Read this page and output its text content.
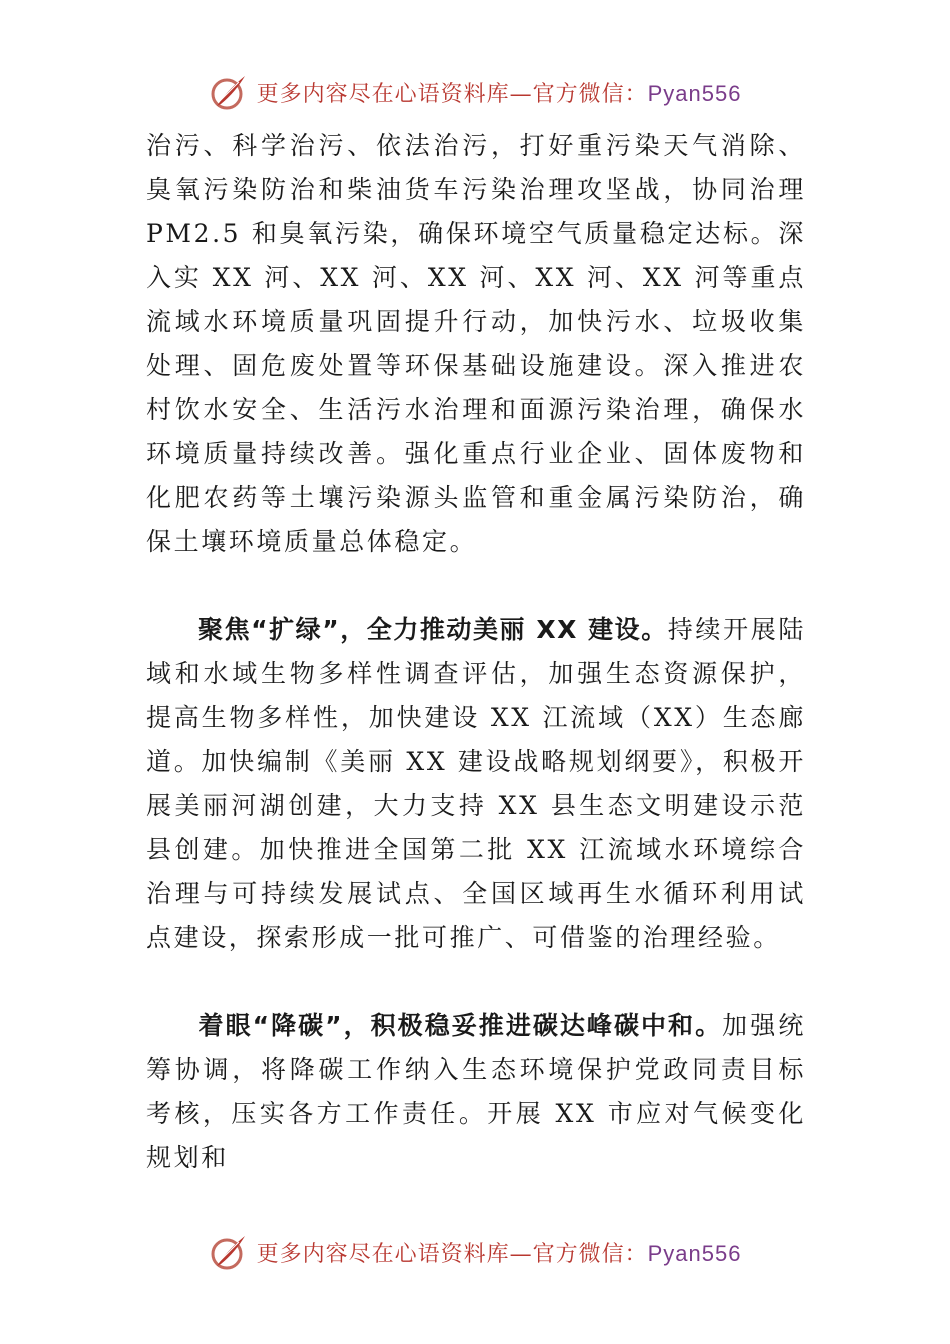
更多内容尽在心语资料库—官方微信：Pyan556

治污、科学治污、依法治污，打好重污染天气消除、臭氧污染防治和柴油货车污染治理攻坚战，协同治理 PM2.5 和臭氧污染，确保环境空气质量稳定达标。深入实 XX 河、XX 河、XX 河、XX 河、XX 河等重点流域水环境质量巩固提升行动，加快污水、垃圾收集处理、固危废处置等环保基础设施建设。深入推进农村饮水安全、生活污水治理和面源污染治理，确保水环境质量持续改善。强化重点行业企业、固体废物和化肥农药等土壤污染源头监管和重金属污染防治，确保土壤环境质量总体稳定。

聚焦“扩绿”，全力推动美丽 XX 建设。持续开展陆域和水域生物多样性调查评估，加强生态资源保护，提高生物多样性，加快建设 XX 江流域（XX）生态廊道。加快编制《美丽 XX 建设战略规划纲要》，积极开展美丽河湖创建，大力支持 XX 县生态文明建设示范县创建。加快推进全国第二批 XX 江流域水环境综合治理与可持续发展试点、全国区域再生水循环利用试点建设，探索形成一批可推广、可借鉴的治理经验。

着眼“降碳”，积极稳妥推进碳达峰碳中和。加强统筹协调，将降碳工作纳入生态环境保护党政同责目标考核，压实各方工作责任。开展 XX 市应对气候变化规划和

更多内容尽在心语资料库—官方微信：Pyan556
